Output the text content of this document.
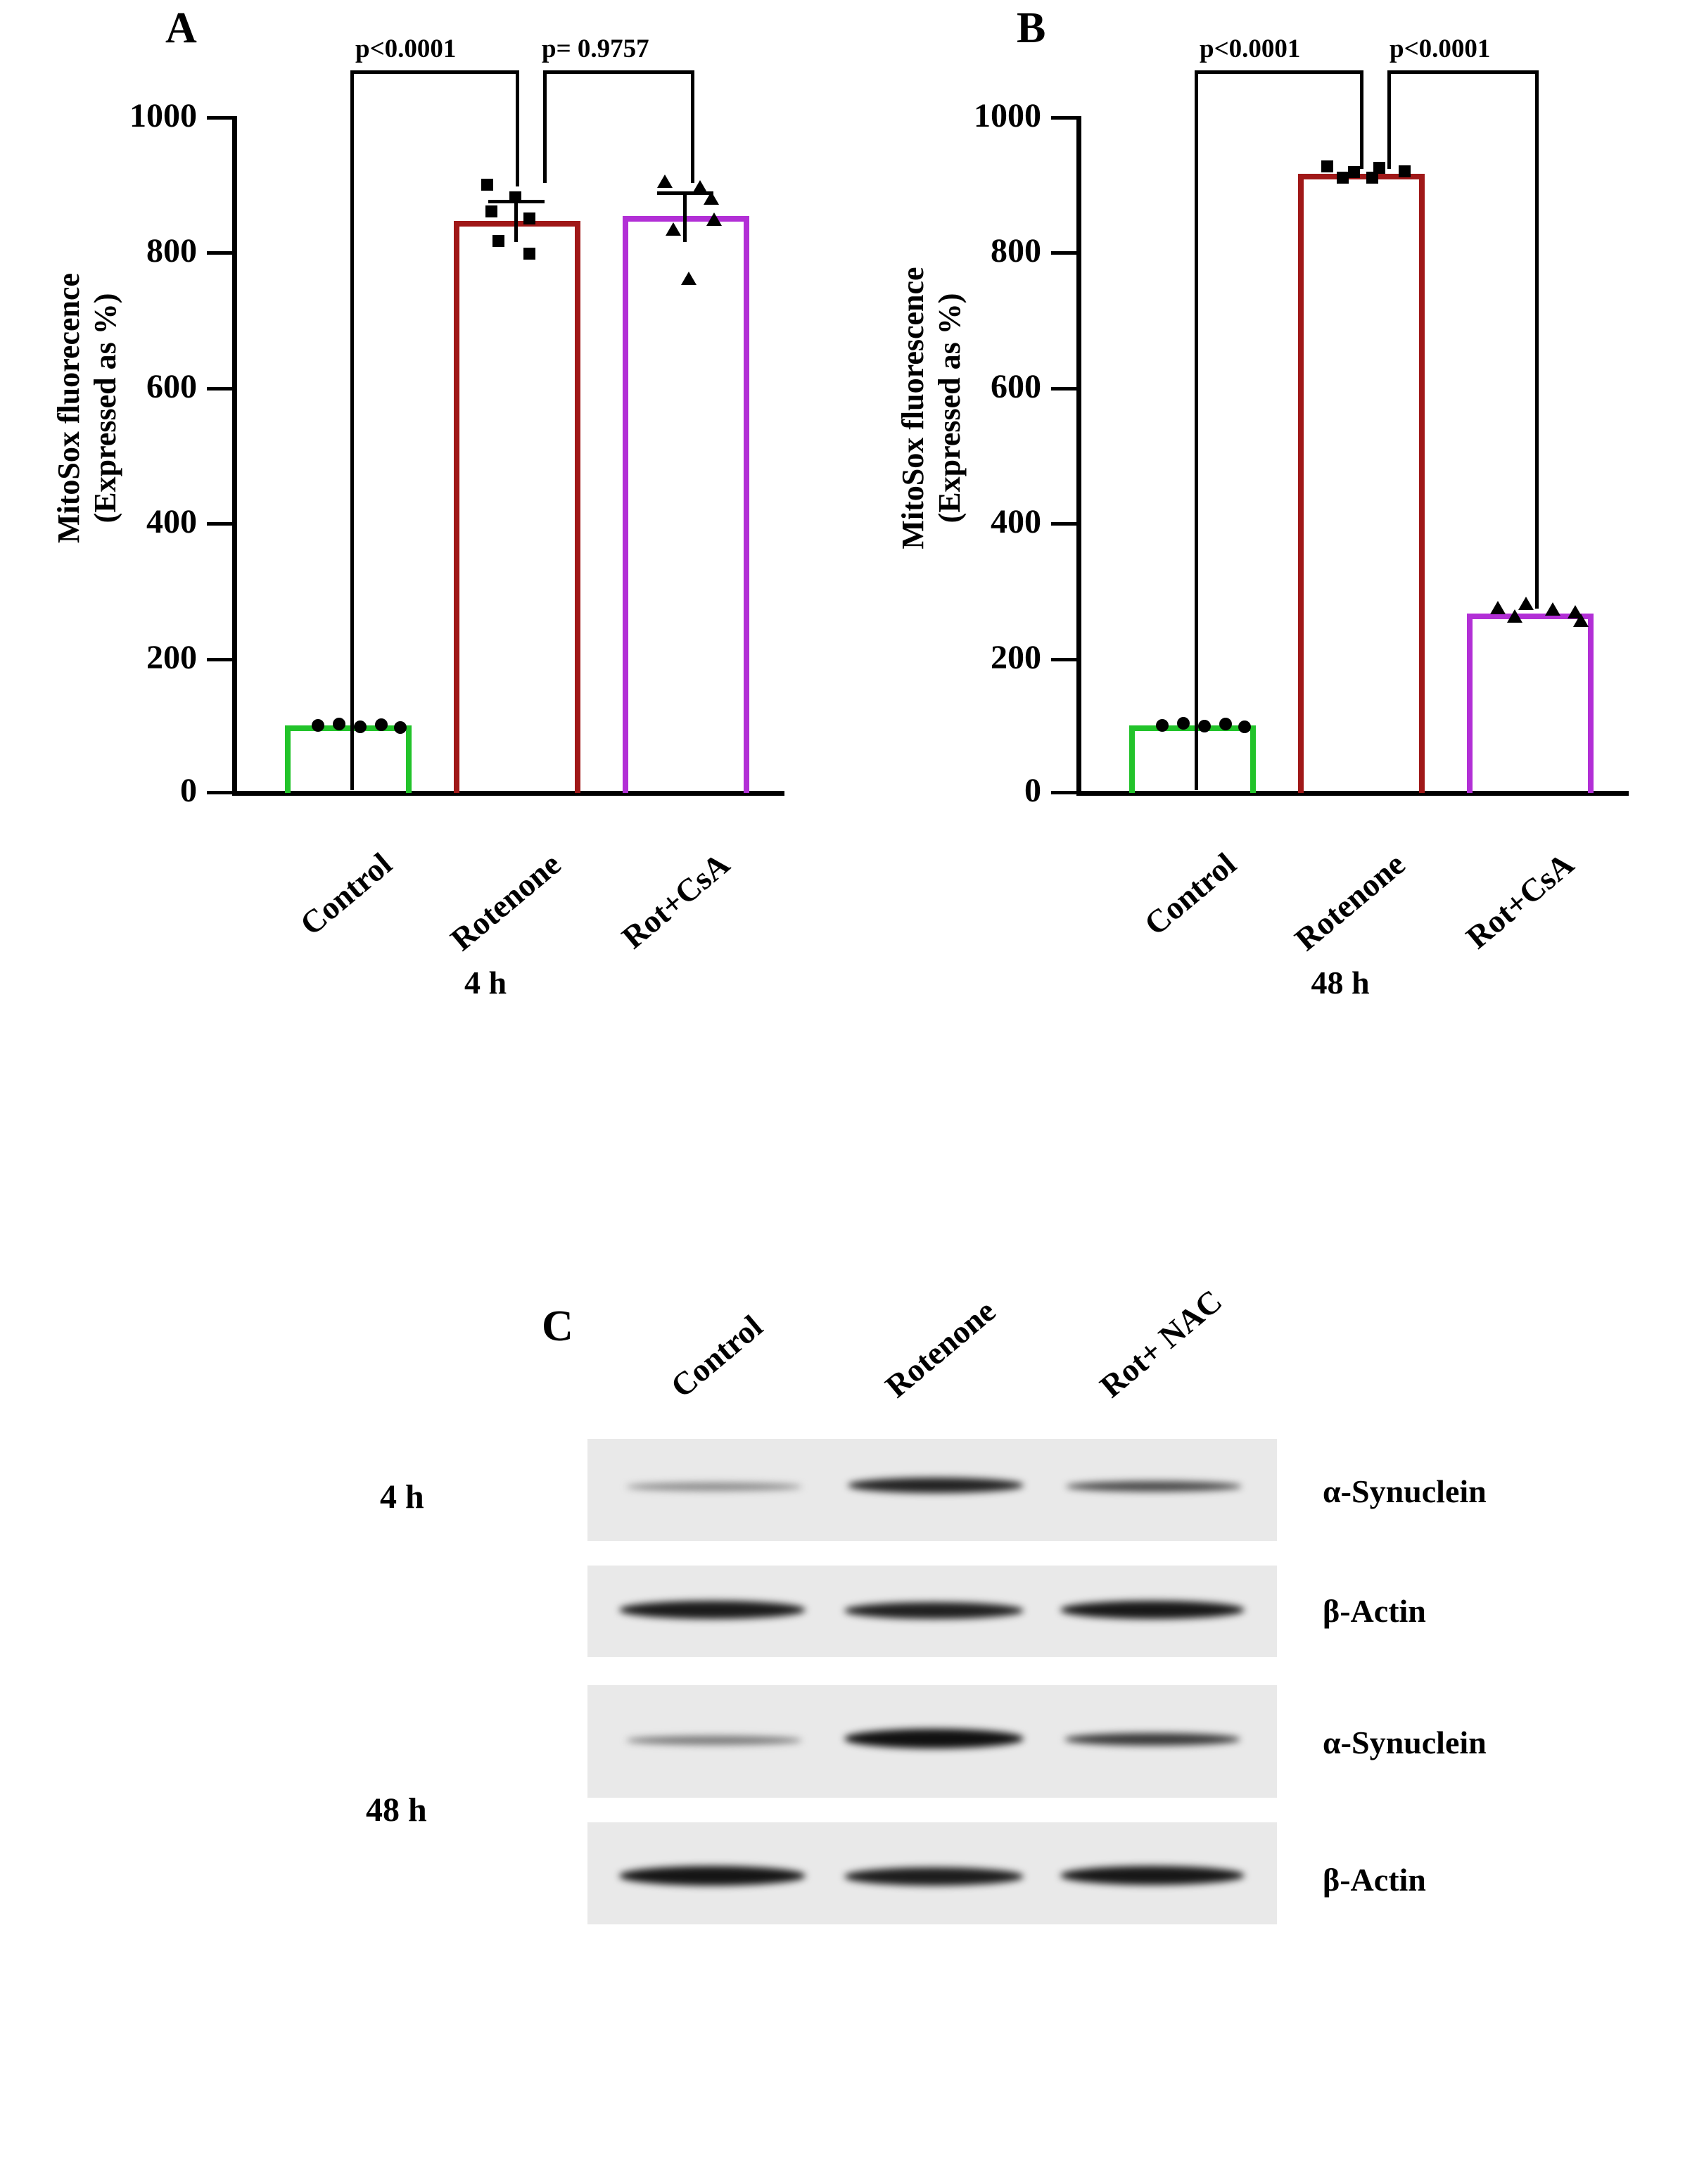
A
MitoSox fluorecence
(Expressed as %)
1000
800
600
400
200
0
p<0.0001	p= 0.9757
Control	Rotenone	Rot+CsA
4 h
B
MitoSox fluorescence
(Expressed as %)
1000
800
600
400
200
0
p<0.0001	p<0.0001
Control	Rotenone	Rot+CsA
48 h
C	Control	Rotenone	Rot+ NAC
4 h
48 h
α-Synuclein
β-Actin
α-Synuclein
β-Actin
